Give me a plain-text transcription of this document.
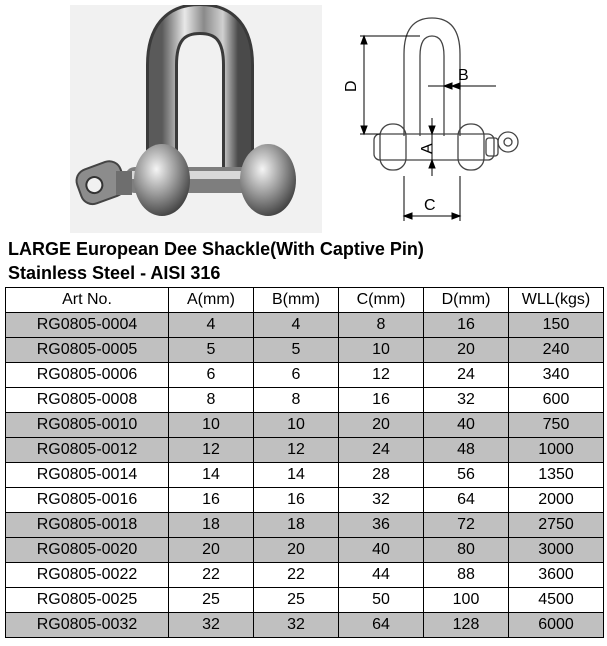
D
B
A
C
LARGE European Dee Shackle(With Captive Pin)
Stainless Steel - AISI 316
Art No.	A(mm)	B(mm)	C(mm)	D(mm)	WLL(kgs)
RG0805-0004	4	4	8	16	150
RG0805-0005	5	5	10	20	240
RG0805-0006	6	6	12	24	340
RG0805-0008	8	8	16	32	600
RG0805-0010	10	10	20	40	750
RG0805-0012	12	12	24	48	1000
RG0805-0014	14	14	28	56	1350
RG0805-0016	16	16	32	64	2000
RG0805-0018	18	18	36	72	2750
RG0805-0020	20	20	40	80	3000
RG0805-0022	22	22	44	88	3600
RG0805-0025	25	25	50	100	4500
RG0805-0032	32	32	64	128	6000
